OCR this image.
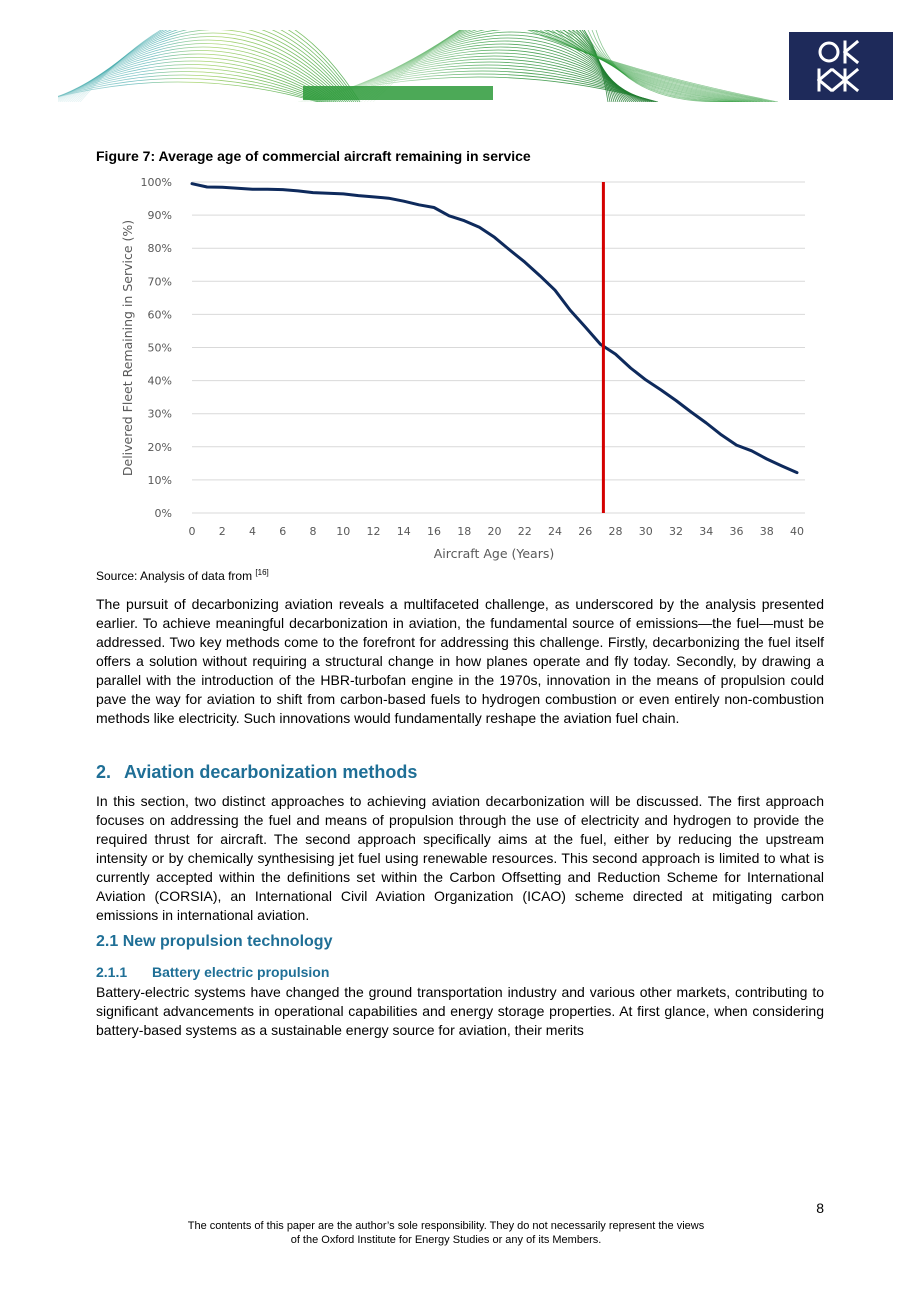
Figure 7: Average age of commercial aircraft remaining in service
0%
10%
20%
30%
40%
50%
60%
70%
80%
90%
100%
0 2 4 6 8 10 12 14 16 18 20 22 24 26 28 30 32 34 36 38 40
Aircraft Age (Years)
Delivered Fleet Remaining in Service (%)
Source: Analysis of data from [16]

The pursuit of decarbonizing aviation reveals a multifaceted challenge, as underscored by the analysis presented earlier. To achieve meaningful decarbonization in aviation, the fundamental source of emissions—the fuel—must be addressed. Two key methods come to the forefront for addressing this challenge. Firstly, decarbonizing the fuel itself offers a solution without requiring a structural change in how planes operate and fly today. Secondly, by drawing a parallel with the introduction of the HBR-turbofan engine in the 1970s, innovation in the means of propulsion could pave the way for aviation to shift from carbon-based fuels to hydrogen combustion or even entirely non-combustion methods like electricity. Such innovations would fundamentally reshape the aviation fuel chain.

2. Aviation decarbonization methods

In this section, two distinct approaches to achieving aviation decarbonization will be discussed. The first approach focuses on addressing the fuel and means of propulsion through the use of electricity and hydrogen to provide the required thrust for aircraft. The second approach specifically aims at the fuel, either by reducing the upstream intensity or by chemically synthesising jet fuel using renewable resources. This second approach is limited to what is currently accepted within the definitions set within the Carbon Offsetting and Reduction Scheme for International Aviation (CORSIA), an International Civil Aviation Organization (ICAO) scheme directed at mitigating carbon emissions in international aviation.

2.1 New propulsion technology
2.1.1 Battery electric propulsion

Battery-electric systems have changed the ground transportation industry and various other markets, contributing to significant advancements in operational capabilities and energy storage properties. At first glance, when considering battery-based systems as a sustainable energy source for aviation, their merits

8
The contents of this paper are the author’s sole responsibility. They do not necessarily represent the views
of the Oxford Institute for Energy Studies or any of its Members.
